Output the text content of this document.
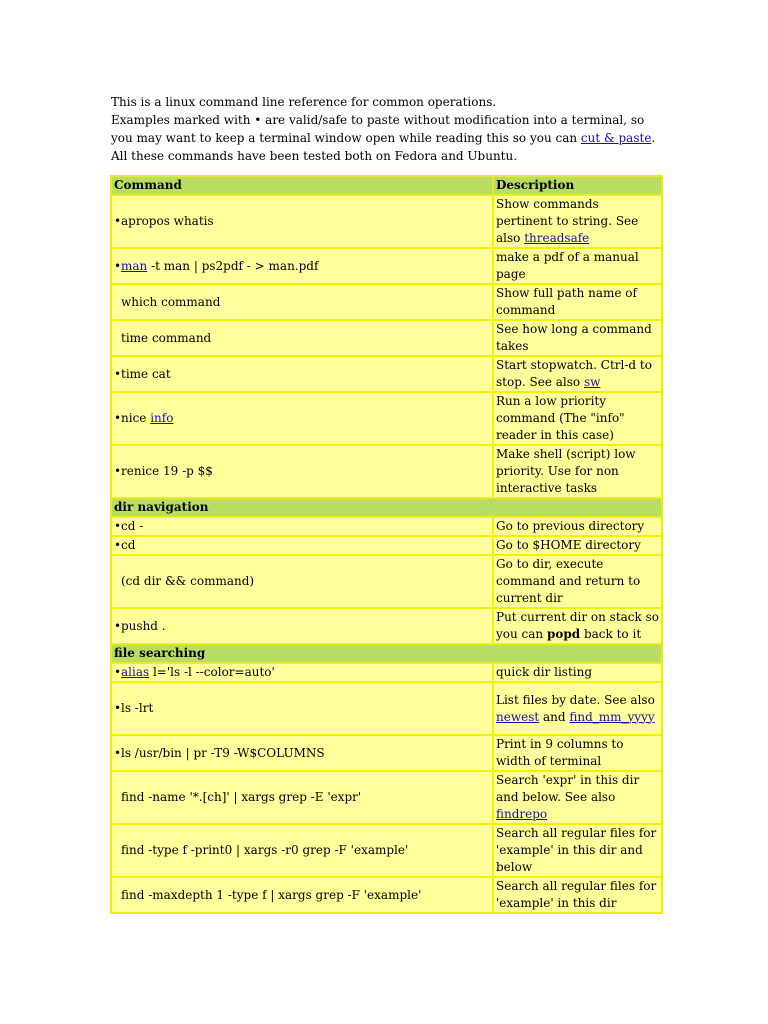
This is a linux command line reference for common operations.
Examples marked with • are valid/safe to paste without modification into a terminal, so
you may want to keep a terminal window open while reading this so you can cut & paste.
All these commands have been tested both on Fedora and Ubuntu.
Command	Description
•apropos whatis	Show commands pertinent to string. See also threadsafe
•man -t man | ps2pdf - > man.pdf	make a pdf of a manual page
which command	Show full path name of command
time command	See how long a command takes
•time cat	Start stopwatch. Ctrl-d to stop. See also sw
•nice info	Run a low priority command (The "info" reader in this case)
•renice 19 -p $$	Make shell (script) low priority. Use for non interactive tasks
dir navigation	
•cd -	Go to previous directory
•cd	Go to $HOME directory
(cd dir && command)	Go to dir, execute command and return to current dir
•pushd .	Put current dir on stack so you can popd back to it
file searching	
•alias l='ls -l --color=auto'	quick dir listing
•ls -lrt	List files by date. See also newest and find_mm_yyyy
•ls /usr/bin | pr -T9 -W$COLUMNS	Print in 9 columns to width of terminal
find -name '*.[ch]' | xargs grep -E 'expr'	Search 'expr' in this dir and below. See also findrepo
find -type f -print0 | xargs -r0 grep -F 'example'	Search all regular files for 'example' in this dir and below
find -maxdepth 1 -type f | xargs grep -F 'example'	Search all regular files for 'example' in this dir
